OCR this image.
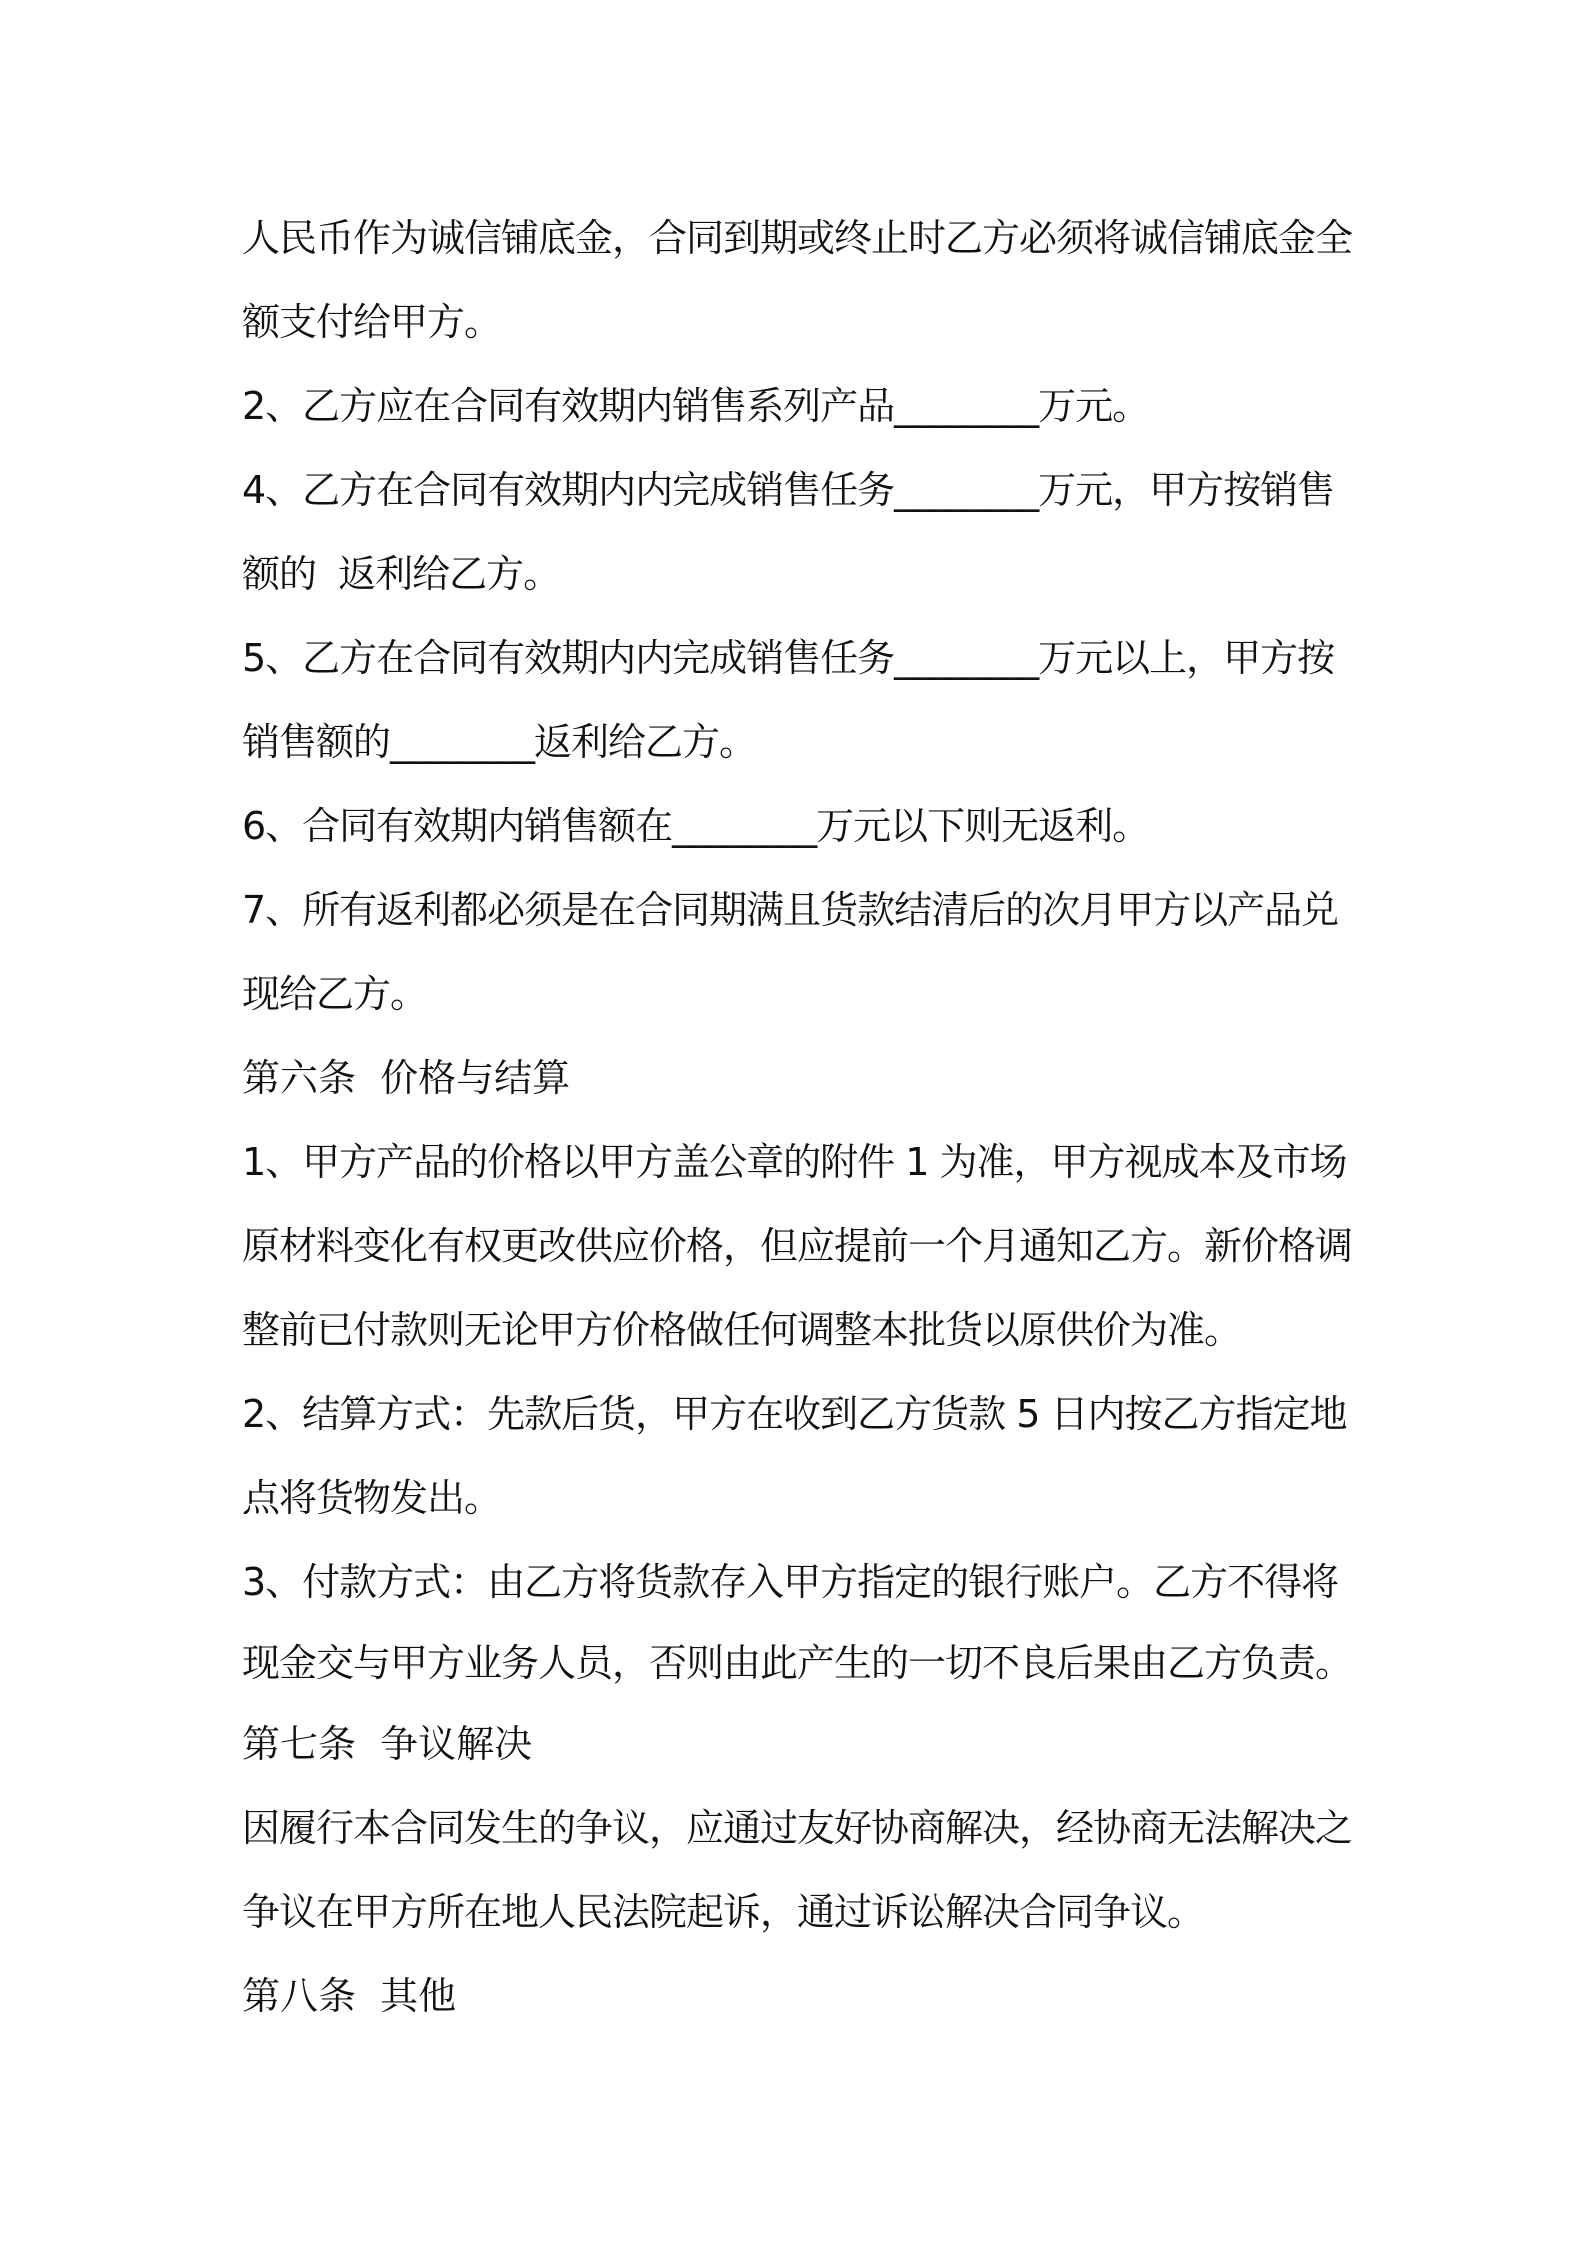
人民币作为诚信铺底金，合同到期或终止时乙方必须将诚信铺底金全
额支付给甲方。
2、乙方应在合同有效期内销售系列产品________万元。
4、乙方在合同有效期内内完成销售任务________万元，甲方按销售
额的  返利给乙方。
5、乙方在合同有效期内内完成销售任务________万元以上，甲方按
销售额的________返利给乙方。
6、合同有效期内销售额在________万元以下则无返利。
7、所有返利都必须是在合同期满且货款结清后的次月甲方以产品兑
现给乙方。
第六条  价格与结算
1、甲方产品的价格以甲方盖公章的附件 1 为准，甲方视成本及市场
原材料变化有权更改供应价格，但应提前一个月通知乙方。新价格调
整前已付款则无论甲方价格做任何调整本批货以原供价为准。
2、结算方式：先款后货，甲方在收到乙方货款 5 日内按乙方指定地
点将货物发出。
3、付款方式：由乙方将货款存入甲方指定的银行账户。乙方不得将
现金交与甲方业务人员，否则由此产生的一切不良后果由乙方负责。
第七条  争议解决
因履行本合同发生的争议，应通过友好协商解决，经协商无法解决之
争议在甲方所在地人民法院起诉，通过诉讼解决合同争议。
第八条  其他
